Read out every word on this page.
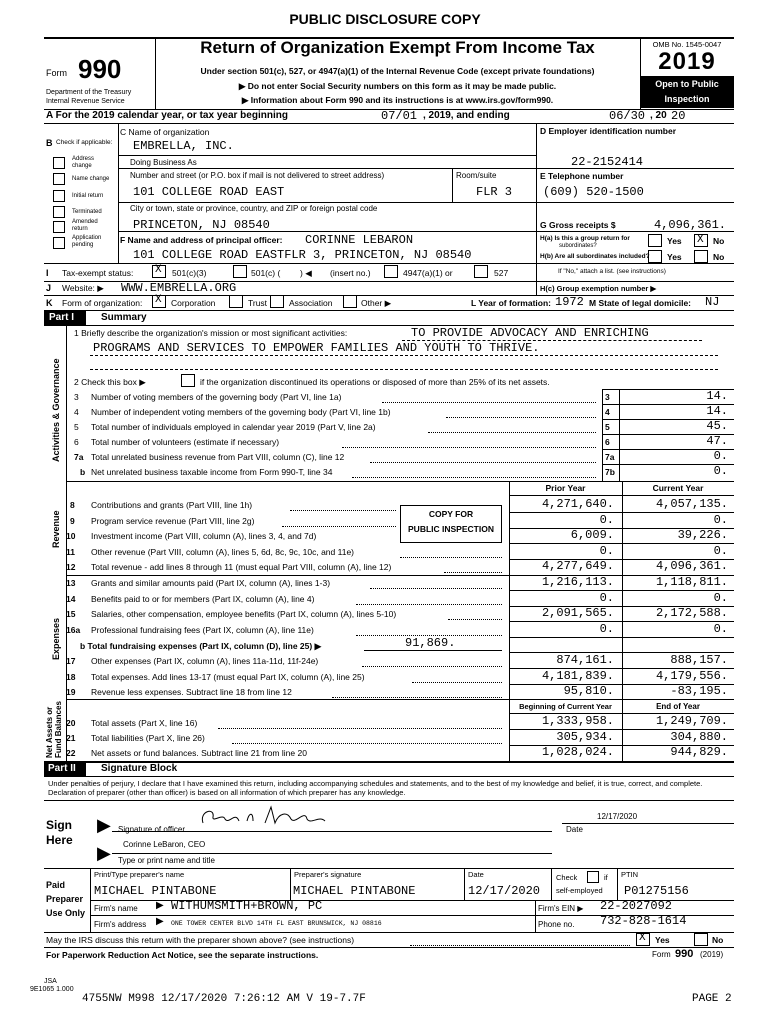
PUBLIC DISCLOSURE COPY
Form 990
Department of the Treasury
Internal Revenue Service
Return of Organization Exempt From Income Tax
Under section 501(c), 527, or 4947(a)(1) of the Internal Revenue Code (except private foundations)
▶ Do not enter Social Security numbers on this form as it may be made public.
▶ Information about Form 990 and its instructions is at www.irs.gov/form990.
OMB No. 1545-0047
2019
Open to Public
Inspection
A For the 2019 calendar year, or tax year beginning	07/01 , 2019, and ending	06/30 , 20 20
B Check if applicable:
Address change
Name change
Initial return
Terminated
Amended return
Application pending
C Name of organization
EMBRELLA, INC.
Doing Business As
Number and street (or P.O. box if mail is not delivered to street address)	Room/suite
101 COLLEGE ROAD EAST	FLR 3
City or town, state or province, country, and ZIP or foreign postal code
PRINCETON, NJ 08540
D Employer identification number
22-2152414
E Telephone number
(609) 520-1500
G Gross receipts $	4,096,361.
F Name and address of principal officer: CORINNE LEBARON
101 COLLEGE ROAD EASTFLR 3, PRINCETON, NJ 08540
H(a) Is this a group return for
subordinates?	Yes X No
H(b) Are all subordinates included? Yes	No
I Tax-exempt status: X 501(c)(3)	501(c) ( ) ◀ (insert no.)	4947(a)(1) or	527	If "No," attach a list. (see instructions)
J Website: ▶ WWW.EMBRELLA.ORG	H(c) Group exemption number ▶
K Form of organization: X Corporation	Trust	Association	Other ▶	L Year of formation: 1972 M State of legal domicile: NJ
Part I	Summary
Activities & Governance
Revenue
Expenses
Net Assets or Fund Balances
1 Briefly describe the organization's mission or most significant activities:	TO PROVIDE ADVOCACY AND ENRICHING
PROGRAMS AND SERVICES TO EMPOWER FAMILIES AND YOUTH TO THRIVE.
2 Check this box ▶	if the organization discontinued its operations or disposed of more than 25% of its net assets.
3 Number of voting members of the governing body (Part VI, line 1a)	3	14.
4 Number of independent voting members of the governing body (Part VI, line 1b)	4	14.
5 Total number of individuals employed in calendar year 2019 (Part V, line 2a)	5	45.
6 Total number of volunteers (estimate if necessary)	6	47.
7a Total unrelated business revenue from Part VIII, column (C), line 12	7a	0.
b Net unrelated business taxable income from Form 990-T, line 34	7b	0.
Prior Year	Current Year
COPY FOR
PUBLIC INSPECTION
8 Contributions and grants (Part VIII, line 1h)	4,271,640.	4,057,135.
9 Program service revenue (Part VIII, line 2g)	0.	0.
10 Investment income (Part VIII, column (A), lines 3, 4, and 7d)	6,009.	39,226.
11 Other revenue (Part VIII, column (A), lines 5, 6d, 8c, 9c, 10c, and 11e)	0.	0.
12 Total revenue - add lines 8 through 11 (must equal Part VIII, column (A), line 12)	4,277,649.	4,096,361.
13 Grants and similar amounts paid (Part IX, column (A), lines 1-3)	1,216,113.	1,118,811.
14 Benefits paid to or for members (Part IX, column (A), line 4)	0.	0.
15 Salaries, other compensation, employee benefits (Part IX, column (A), lines 5-10)	2,091,565.	2,172,588.
16a Professional fundraising fees (Part IX, column (A), line 11e)	0.	0.
b Total fundraising expenses (Part IX, column (D), line 25) ▶	91,869.
17 Other expenses (Part IX, column (A), lines 11a-11d, 11f-24e)	874,161.	888,157.
18 Total expenses. Add lines 13-17 (must equal Part IX, column (A), line 25)	4,181,839.	4,179,556.
19 Revenue less expenses. Subtract line 18 from line 12	95,810.	-83,195.
Beginning of Current Year	End of Year
20 Total assets (Part X, line 16)	1,333,958.	1,249,709.
21 Total liabilities (Part X, line 26)	305,934.	304,880.
22 Net assets or fund balances. Subtract line 21 from line 20	1,028,024.	944,829.
Part II	Signature Block
Under penalties of perjury, I declare that I have examined this return, including accompanying schedules and statements, and to the best of my knowledge and belief, it is true, correct, and complete. Declaration of preparer (other than officer) is based on all information of which preparer has any knowledge.
Sign
Here
▶
▶
Signature of officer
12/17/2020
Date
Corinne LeBaron, CEO
Type or print name and title
Paid
Preparer
Use Only
Print/Type preparer's name	Preparer's signature	Date	Check	if
self-employed
PTIN
MICHAEL PINTABONE	MICHAEL PINTABONE	12/17/2020	P01275156
Firm's name ▶ WITHUMSMITH+BROWN, PC	Firm's EIN ▶ 22-2027092
Firm's address ▶ ONE TOWER CENTER BLVD 14TH FL EAST BRUNSWICK, NJ 08816	Phone no. 732-828-1614
May the IRS discuss this return with the preparer shown above? (see instructions)	X Yes	No
For Paperwork Reduction Act Notice, see the separate instructions.	Form 990 (2019)
JSA
9E1065 1.000
4755NW M998 12/17/2020 7:26:12 AM V 19-7.7F	PAGE 2
